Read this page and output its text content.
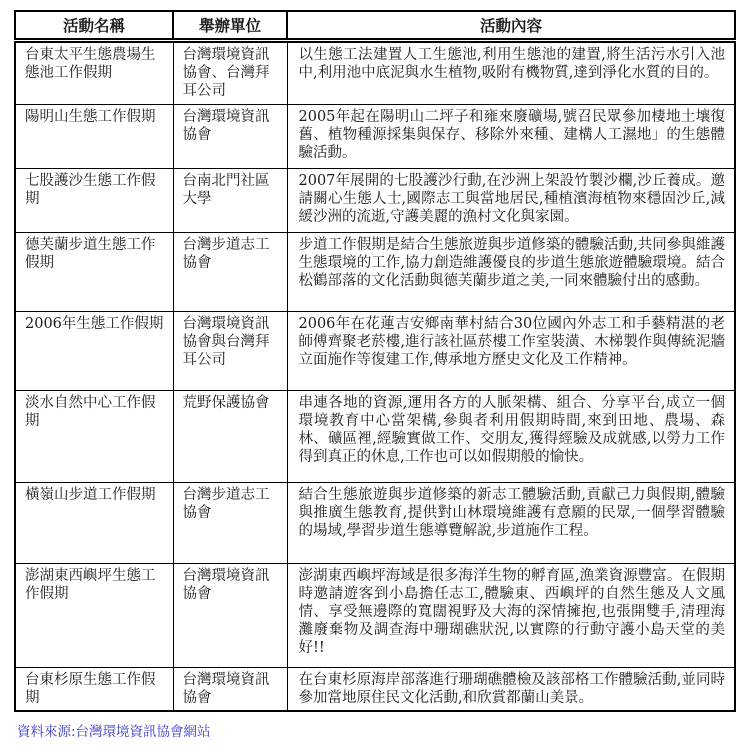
活動名稱	舉辦單位	活動內容
台東太平生態農場生態池工作假期	台灣環境資訊協會、台灣拜耳公司	以生態工法建置人工生態池,利用生態池的建置,將生活污水引入池中,利用池中底泥與水生植物,吸附有機物質,達到淨化水質的目的。
陽明山生態工作假期	台灣環境資訊協會	2005年起在陽明山二坪子和雍來廢礦場,號召民眾參加棲地土壤復舊、植物種源採集與保存、移除外來種、建構人工濕地」的生態體驗活動。
七股護沙生態工作假期	台南北門社區大學	2007年展開的七股護沙行動,在沙洲上架設竹製沙欄,沙丘養成。邀請關心生態人士,國際志工與當地居民,種植濱海植物來穩固沙丘,減緩沙洲的流逝,守護美麗的漁村文化與家園。
德芙蘭步道生態工作假期	台灣步道志工協會	步道工作假期是結合生態旅遊與步道修築的體驗活動,共同參與維護生態環境的工作,協力創造維護優良的步道生態旅遊體驗環境。結合松鶴部落的文化活動與德芙蘭步道之美,一同來體驗付出的感動。
2006年生態工作假期	台灣環境資訊協會與台灣拜耳公司	2006年在花蓮吉安鄉南華村結合30位國內外志工和手藝精湛的老師傅齊聚老菸樓,進行該社區菸樓工作室裝潢、木梯製作與傳統泥牆立面施作等復建工作,傳承地方歷史文化及工作精神。
淡水自然中心工作假期	荒野保護協會	串連各地的資源,運用各方的人脈架構、組合、分享平台,成立一個環境教育中心當架構,參與者利用假期時間,來到田地、農場、森林、礦區裡,經驗實做工作、交朋友,獲得經驗及成就感,以勞力工作得到真正的休息,工作也可以如假期般的愉快。
橫嶺山步道工作假期	台灣步道志工協會	結合生態旅遊與步道修築的新志工體驗活動,貢獻己力與假期,體驗與推廣生態教育,提供對山林環境維護有意願的民眾,一個學習體驗的場域,學習步道生態導覽解說,步道施作工程。
澎湖東西嶼坪生態工作假期	台灣環境資訊協會	澎湖東西嶼坪海域是很多海洋生物的孵育區,漁業資源豐富。在假期時邀請遊客到小島擔任志工,體驗東、西嶼坪的自然生態及人文風情、享受無邊際的寬闊視野及大海的深情擁抱,也張開雙手,清理海灘廢棄物及調查海中珊瑚礁狀況,以實際的行動守護小島天堂的美好!!
台東杉原生態工作假期	台灣環境資訊協會	在台東杉原海岸部落進行珊瑚礁體檢及該部格工作體驗活動,並同時參加當地原住民文化活動,和欣賞都蘭山美景。
資料來源:台灣環境資訊協會網站
